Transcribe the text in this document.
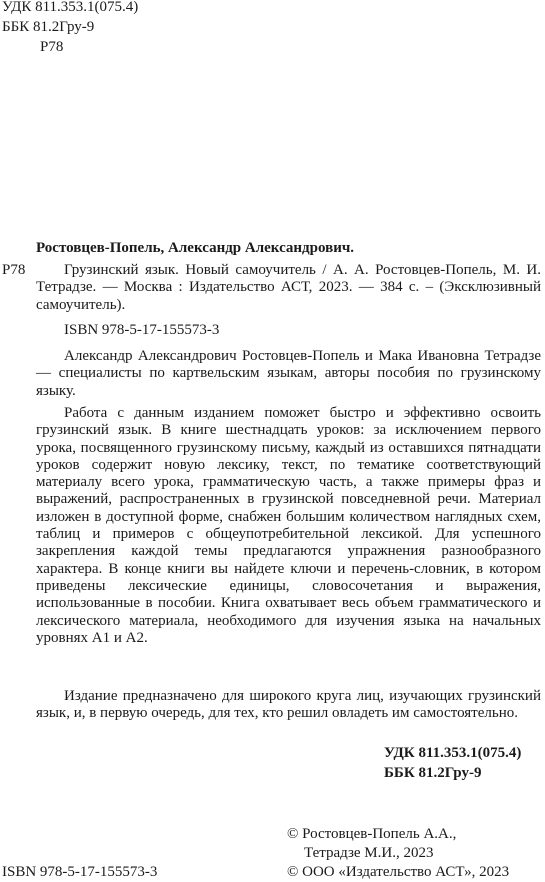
УДК 811.353.1(075.4)
ББК 81.2Гру-9
Р78
Ростовцев-Попель, Александр Александрович.
Р78	Грузинский язык. Новый самоучитель / А. А. Ростовцев-Попель, М. И. Тетрадзе. — Москва : Издательство АСТ, 2023. — 384 с. – (Эксклюзивный самоучитель).
ISBN 978-5-17-155573-3
Александр Александрович Ростовцев-Попель и Мака Ивановна Тетрадзе — специалисты по картвельским языкам, авторы пособия по грузинскому языку.
Работа с данным изданием поможет быстро и эффективно освоить грузинский язык. В книге шестнадцать уроков: за исключением первого урока, посвященного грузинскому письму, каждый из оставшихся пятнадцати уроков содержит новую лексику, текст, по тематике соответствующий материалу всего урока, грамматическую часть, а также примеры фраз и выражений, распространенных в грузинской повседневной речи. Материал изложен в доступной форме, снабжен большим количеством наглядных схем, таблиц и примеров с общеупотребительной лексикой. Для успешного закрепления каждой темы предлагаются упражнения разнообразного характера. В конце книги вы найдете ключи и перечень-словник, в котором приведены лексические единицы, словосочетания и выражения, использованные в пособии. Книга охватывает весь объем грамматического и лексического материала, необходимого для изучения языка на начальных уровнях А1 и А2.
Издание предназначено для широкого круга лиц, изучающих грузинский язык, и, в первую очередь, для тех, кто решил овладеть им самостоятельно.
УДК 811.353.1(075.4)
ББК 81.2Гру-9
ISBN 978-5-17-155573-3
© Ростовцев-Попель А.А.,
Тетрадзе М.И., 2023
© ООО «Издательство АСТ», 2023
